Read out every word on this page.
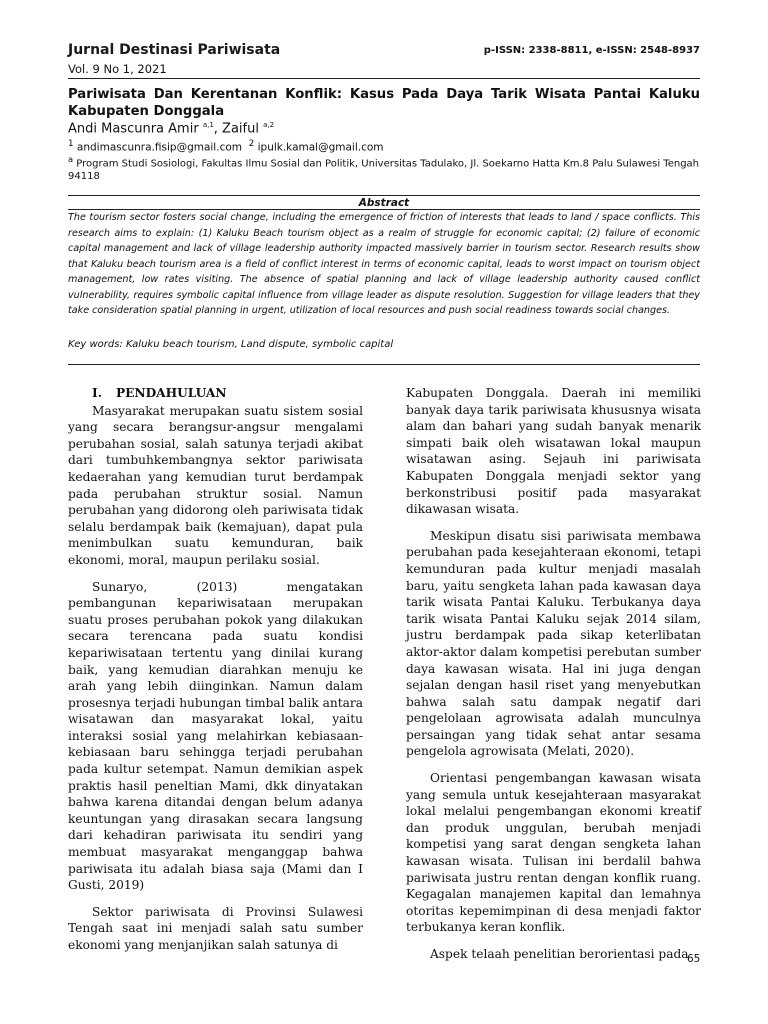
Jurnal Destinasi Pariwisata	p-ISSN: 2338-8811, e-ISSN: 2548-8937
Vol. 9 No 1, 2021
Pariwisata Dan Kerentanan Konflik: Kasus Pada Daya Tarik Wisata Pantai Kaluku Kabupaten Donggala
Andi Mascunra Amir $^{a,1}$, Zaiful $^{a,2}$
$^1$ andimascunra.fisip@gmail.com $^2$ ipulk.kamal@gmail.com
$^a$ Program Studi Sosiologi, Fakultas Ilmu Sosial dan Politik, Universitas Tadulako, Jl. Soekarno Hatta Km.8 Palu Sulawesi Tengah 94118
Abstract
The tourism sector fosters social change, including the emergence of friction of interests that leads to land / space conflicts. This research aims to explain: (1) Kaluku Beach tourism object as a realm of struggle for economic capital; (2) failure of economic capital management and lack of village leadership authority impacted massively barrier in tourism sector. Research results show that Kaluku beach tourism area is a field of conflict interest in terms of economic capital, leads to worst impact on tourism object management, low rates visiting. The absence of spatial planning and lack of village leadership authority caused conflict vulnerability, requires symbolic capital influence from village leader as dispute resolution. Suggestion for village leaders that they take consideration spatial planning in urgent, utilization of local resources and push social readiness towards social changes.
Key words: Kaluku beach tourism, Land dispute, symbolic capital
I. PENDAHULUAN

Masyarakat merupakan suatu sistem sosial yang secara berangsur-angsur mengalami perubahan sosial, salah satunya terjadi akibat dari tumbuhkembangnya sektor pariwisata kedaerahan yang kemudian turut berdampak pada perubahan struktur sosial. Namun perubahan yang didorong oleh pariwisata tidak selalu berdampak baik (kemajuan), dapat pula menimbulkan suatu kemunduran, baik ekonomi, moral, maupun perilaku sosial.

Sunaryo, (2013) mengatakan pembangunan kepariwisataan merupakan suatu proses perubahan pokok yang dilakukan secara terencana pada suatu kondisi kepariwisataan tertentu yang dinilai kurang baik, yang kemudian diarahkan menuju ke arah yang lebih diinginkan. Namun dalam prosesnya terjadi hubungan timbal balik antara wisatawan dan masyarakat lokal, yaitu interaksi sosial yang melahirkan kebiasaan-kebiasaan baru sehingga terjadi perubahan pada kultur setempat. Namun demikian aspek praktis hasil peneltian Mami, dkk dinyatakan bahwa karena ditandai dengan belum adanya keuntungan yang dirasakan secara langsung dari kehadiran pariwisata itu sendiri yang membuat masyarakat menganggap bahwa pariwisata itu adalah biasa saja (Mami dan I Gusti, 2019)

Sektor pariwisata di Provinsi Sulawesi Tengah saat ini menjadi salah satu sumber ekonomi yang menjanjikan salah satunya di

Kabupaten Donggala. Daerah ini memiliki banyak daya tarik pariwisata khususnya wisata alam dan bahari yang sudah banyak menarik simpati baik oleh wisatawan lokal maupun wisatawan asing. Sejauh ini pariwisata Kabupaten Donggala menjadi sektor yang berkonstribusi positif pada masyarakat dikawasan wisata.

Meskipun disatu sisi pariwisata membawa perubahan pada kesejahteraan ekonomi, tetapi kemunduran pada kultur menjadi masalah baru, yaitu sengketa lahan pada kawasan daya tarik wisata Pantai Kaluku. Terbukanya daya tarik wisata Pantai Kaluku sejak 2014 silam, justru berdampak pada sikap keterlibatan aktor-aktor dalam kompetisi perebutan sumber daya kawasan wisata. Hal ini juga dengan sejalan dengan hasil riset yang menyebutkan bahwa salah satu dampak negatif dari pengelolaan agrowisata adalah munculnya persaingan yang tidak sehat antar sesama pengelola agrowisata (Melati, 2020).

Orientasi pengembangan kawasan wisata yang semula untuk kesejahteraan masyarakat lokal melalui pengembangan ekonomi kreatif dan produk unggulan, berubah menjadi kompetisi yang sarat dengan sengketa lahan kawasan wisata. Tulisan ini berdalil bahwa pariwisata justru rentan dengan konflik ruang. Kegagalan manajemen kapital dan lemahnya otoritas kepemimpinan di desa menjadi faktor terbukanya keran konflik.

Aspek telaah penelitian berorientasi pada

65
